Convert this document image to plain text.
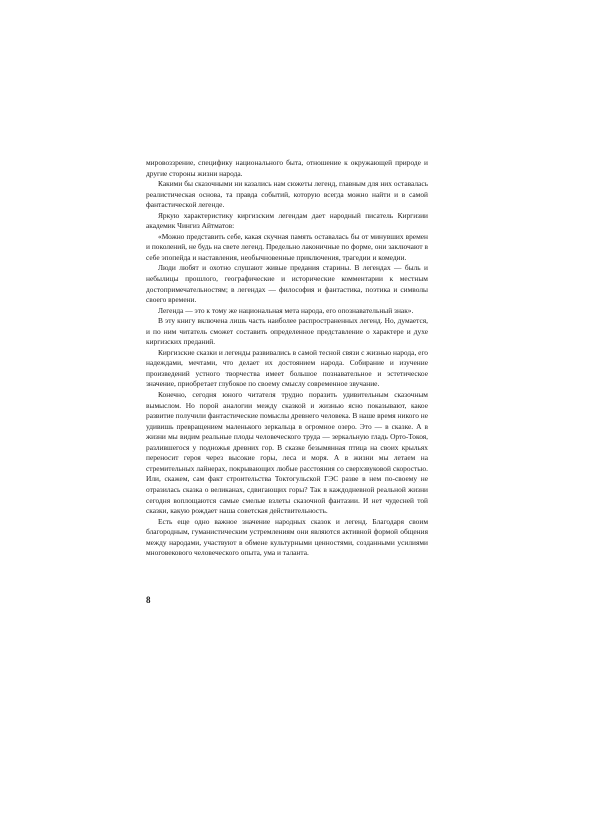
мировоззрение, специфику национального быта, отношение к окружающей природе и другие стороны жизни народа.

Какими бы сказочными ни казались нам сюжеты легенд, главным для них оставалась реалистическая основа, та правда событий, которую всегда можно найти и в самой фантастической легенде.

Яркую характеристику киргизским легендам дает народный писатель Киргизии академик Чингиз Айтматов:

«Можно представить себе, какая скучная память оставалась бы от минувших времен и поколений, не будь на свете легенд. Предельно лаконичные по форме, они заключают в себе эпопейда и наставления, необычновенные приключения, трагедии и комедии.

Люди любят и охотно слушают живые предания старины. В легендах — быль и небылицы прошлого, географические и исторические комментарии к местным достопримечательностям; в легендах — философия и фантастика, поэтика и символы своего времени.

Легенда — это к тому же национальная мета народа, его опознавательный знак».

В эту книгу включена лишь часть наиболее распространенных легенд. Но, думается, и по ним читатель сможет составить определенное представление о характере и духе киргизских преданий.

Киргизские сказки и легенды развивались в самой тесной связи с жизнью народа, его надеждами, мечтами, что делает их достоянием народа. Собирание и изучение произведений устного творчества имеет большое познавательное и эстетическое значение, приобретает глубокое по своему смыслу современное звучание.

Конечно, сегодня юного читателя трудно поразить удивительным сказочным вымыслом. Но порой аналогии между сказкой и жизнью ясно показывают, какое развитие получили фантастические помыслы древнего человека. В наше время никого не удивишь превращением маленького зеркальца в огромное озеро. Это — в сказке. А в жизни мы видим реальные плоды человеческого труда — зеркальную гладь Орто-Токоя, разлившегося у подножья древних гор. В сказке безымянная птица на своих крыльях переносит героя через высокие горы, леса и моря. А в жизни мы летаем на стремительных лайнерах, покрывающих любые расстояния со сверхзвуковой скоростью. Или, скажем, сам факт строительства Токтогульской ГЭС разве в нем по-своему не отразилась сказка о великанах, сдвигающих горы? Так в каждодневной реальной жизни сегодня воплощаются самые смелые взлеты сказочной фантазии. И нет чудесней той сказки, какую рождает наша советская действительность.

Есть еще одно важное значение народных сказок и легенд. Благодаря своим благородным, гуманистическим устремлениям они являются активной формой общения между народами, участвуют в обмене культурными ценностями, созданными усилиями многовекового человеческого опыта, ума и таланта.

8
